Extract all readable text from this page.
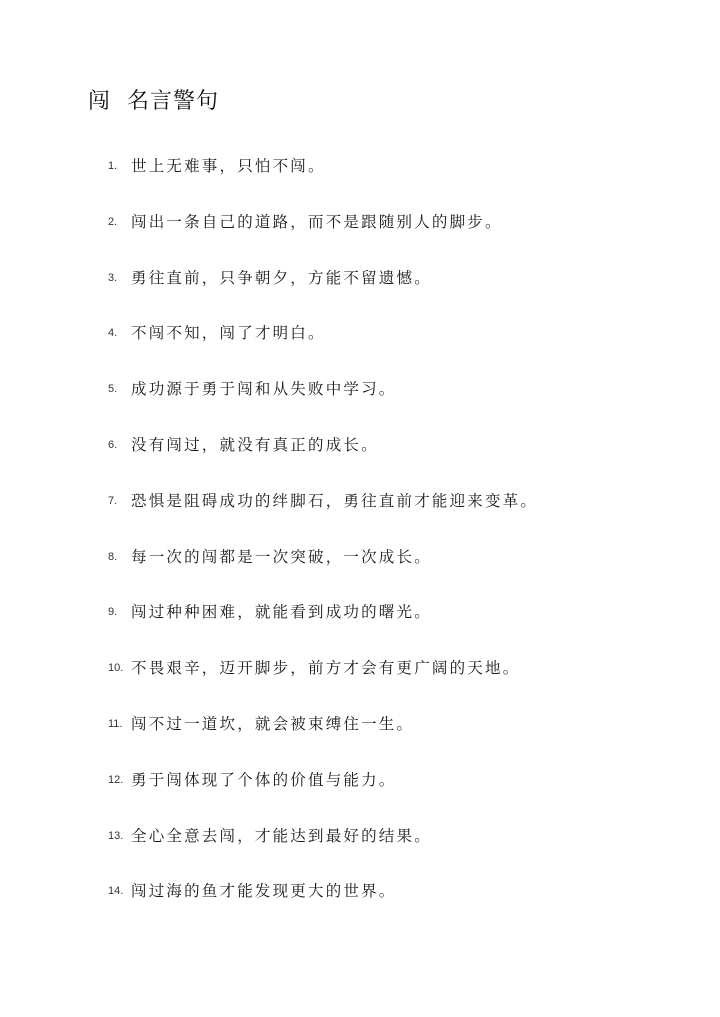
闯  名言警句
1. 世上无难事，只怕不闯。
2. 闯出一条自己的道路，而不是跟随别人的脚步。
3. 勇往直前，只争朝夕，方能不留遗憾。
4. 不闯不知，闯了才明白。
5. 成功源于勇于闯和从失败中学习。
6. 没有闯过，就没有真正的成长。
7. 恐惧是阻碍成功的绊脚石，勇往直前才能迎来变革。
8. 每一次的闯都是一次突破，一次成长。
9. 闯过种种困难，就能看到成功的曙光。
10. 不畏艰辛，迈开脚步，前方才会有更广阔的天地。
11. 闯不过一道坎，就会被束缚住一生。
12. 勇于闯体现了个体的价值与能力。
13. 全心全意去闯，才能达到最好的结果。
14. 闯过海的鱼才能发现更大的世界。
